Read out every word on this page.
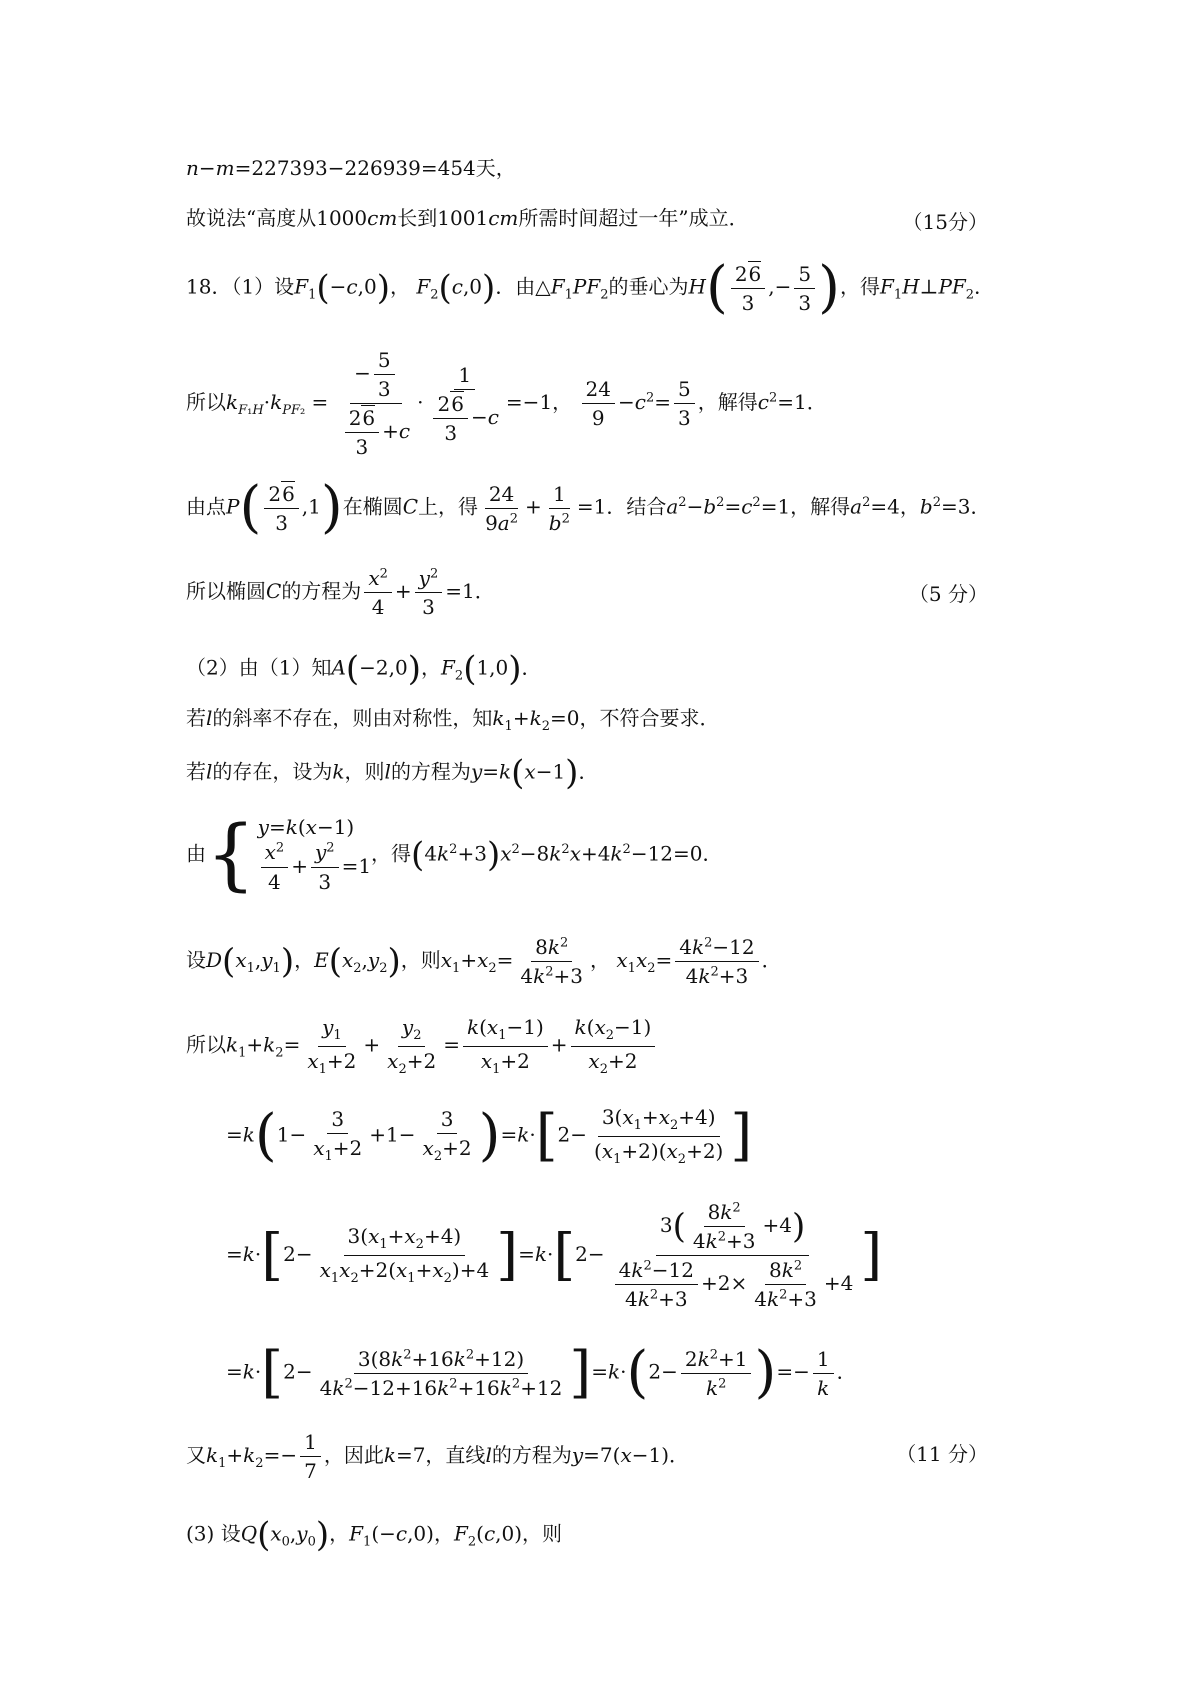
n−m=227393−226939=454天，
故说法“高度从1000cm长到1001cm所需时间超过一年”成立．	（15分）
18．（1）设$F_1(-c,0)$， $F_2(c,0)$．由$\triangle F_1PF_2$的垂心为$H( \frac{26}{3}$ ,− $\frac{5}{3}$ )，得$F_1H\perp PF_2$．
所以$k_{F_1H}\cdot k_{PF_2} = \frac{- \frac{5}{3}}{\frac{26}{3} +c} \cdot \frac{1}{\frac{26}{3} -c} =-1$， $\frac{24}{9} -c^2= \frac{5}{3}$ ，解得$c^2=1$．
由点$P( \frac{26}{3} ,1)$在椭圆C上，得 $\frac{24}{9a^2} + \frac{1}{b^2} =1$．结合$a^2-b^2=c^2=1$，解得$a^2=4$，$b^2=3$．
所以椭圆C的方程为 $\frac{x^2}{4} + \frac{y^2}{3} =1$．	（5 分）
（2）由（1）知A(−2,0)，$F_2(1,0)$．
若l的斜率不存在，则由对称性，知$k_1+k_2=0$，不符合要求．
若l的存在，设为k，则l的方程为y=k(x−1)．
由{ y=k(x−1)
$\frac{x^2}{4} + \frac{y^2}{3} =1$
，得$(4k^2+3)x^2-8k^2x+4k^2-12=0$．
设$D(x_1,y_1)$，$E(x_2,y_2)$，则$x_1+x_2= \frac{8k^2}{4k^2+3}$ ， $x_1x_2= \frac{4k^2-12}{4k^2+3}$ ．
所以$k_1+k_2= \frac{y_1}{x_1+2} + \frac{y_2}{x_2+2} = \frac{k(x_1-1)}{x_1+2} + \frac{k(x_2-1)}{x_2+2}$
$=k(1- \frac{3}{x_1+2} +1- \frac{3}{x_2+2} )=k\cdot[2- \frac{3(x_1+x_2+4)}{(x_1+2)(x_2+2)}$ ]
$=k\cdot[2- \frac{3(x_1+x_2+4)}{x_1x_2+2(x_1+x_2)+4} ]=k\cdot[2- \frac{3( \frac{8k^2}{4k^2+3} +4)}{\frac{4k^2-12}{4k^2+3} +2\times \frac{8k^2}{4k^2+3} +4}$ ]
$=k\cdot[2- \frac{3(8k^2+16k^2+12)}{4k^2-12+16k^2+16k^2+12} ]=k\cdot(2- \frac{2k^2+1}{k^2}$ )=− $\frac{1}{k}$ ．
又$k_1+k_2=- \frac{1}{7}$ ，因此k=7，直线l的方程为y=7(x−1)．	（11 分）
(3) 设$Q(x_0,y_0)$，$F_1(-c,0)$，$F_2(c,0)$，则
